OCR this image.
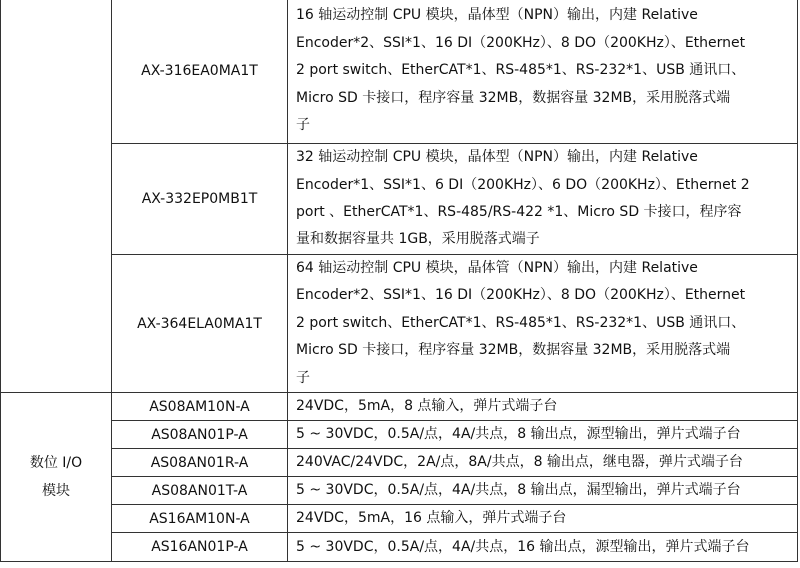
	AX-316EA0MA1T	16 轴运动控制 CPU 模块，晶体型（NPN）输出，内建 Relative
Encoder*2、SSI*1、16 DI（200KHz）、8 DO（200KHz）、Ethernet
2 port switch、EtherCAT*1、RS-485*1、RS-232*1、USB 通讯口、
Micro SD 卡接口，程序容量 32MB，数据容量 32MB，采用脱落式端
子

	AX-332EP0MB1T	32 轴运动控制 CPU 模块，晶体型（NPN）输出，内建 Relative
Encoder*1、SSI*1、6 DI（200KHz）、6 DO（200KHz）、Ethernet 2
port 、EtherCAT*1、RS-485/RS-422 *1、Micro SD 卡接口，程序容
量和数据容量共 1GB，采用脱落式端子

	AX-364ELA0MA1T	64 轴运动控制 CPU 模块，晶体管（NPN）输出，内建 Relative
Encoder*2、SSI*1、16 DI（200KHz）、8 DO（200KHz）、Ethernet
2 port switch、EtherCAT*1、RS-485*1、RS-232*1、USB 通讯口、
Micro SD 卡接口，程序容量 32MB，数据容量 32MB，采用脱落式端
子

数位 I/O
模块	AS08AM10N-A	24VDC，5mA，8 点输入，弹片式端子台
	AS08AN01P-A	5 ~ 30VDC，0.5A/点，4A/共点，8 输出点，源型输出，弹片式端子台
	AS08AN01R-A	240VAC/24VDC，2A/点，8A/共点，8 输出点，继电器，弹片式端子台
	AS08AN01T-A	5 ~ 30VDC，0.5A/点，4A/共点，8 输出点，漏型输出，弹片式端子台
	AS16AM10N-A	24VDC，5mA，16 点输入，弹片式端子台
	AS16AN01P-A	5 ~ 30VDC，0.5A/点，4A/共点，16 输出点，源型输出，弹片式端子台
